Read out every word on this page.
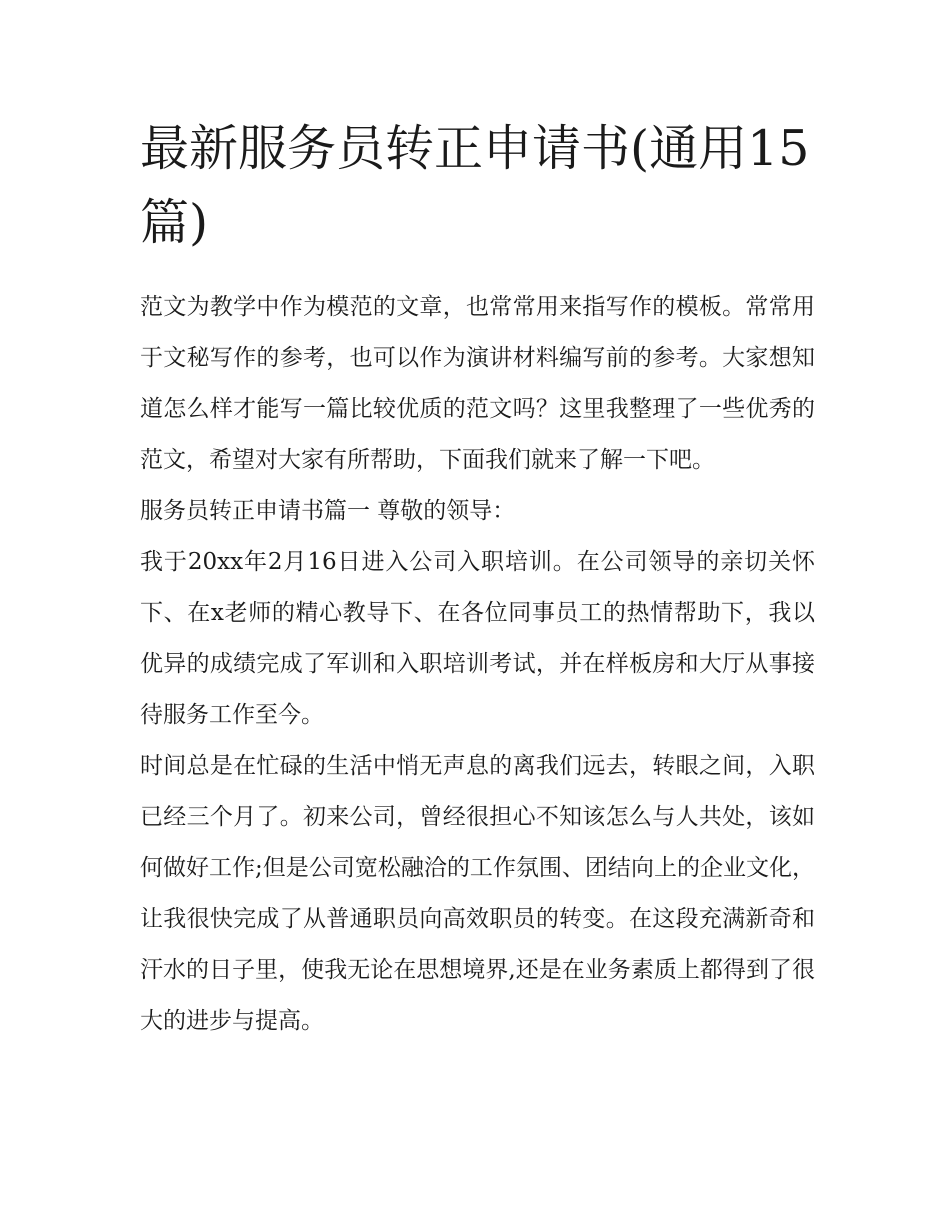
最新服务员转正申请书(通用15篇)

范文为教学中作为模范的文章，也常常用来指写作的模板。常常用于文秘写作的参考，也可以作为演讲材料编写前的参考。大家想知道怎么样才能写一篇比较优质的范文吗？这里我整理了一些优秀的范文，希望对大家有所帮助，下面我们就来了解一下吧。

服务员转正申请书篇一 尊敬的领导：

我于20xx年2月16日进入公司入职培训。在公司领导的亲切关怀下、在x老师的精心教导下、在各位同事员工的热情帮助下，我以优异的成绩完成了军训和入职培训考试，并在样板房和大厅从事接待服务工作至今。

时间总是在忙碌的生活中悄无声息的离我们远去，转眼之间，入职已经三个月了。初来公司，曾经很担心不知该怎么与人共处，该如何做好工作;但是公司宽松融洽的工作氛围、团结向上的企业文化，让我很快完成了从普通职员向高效职员的转变。在这段充满新奇和汗水的日子里，使我无论在思想境界,还是在业务素质上都得到了很大的进步与提高。
